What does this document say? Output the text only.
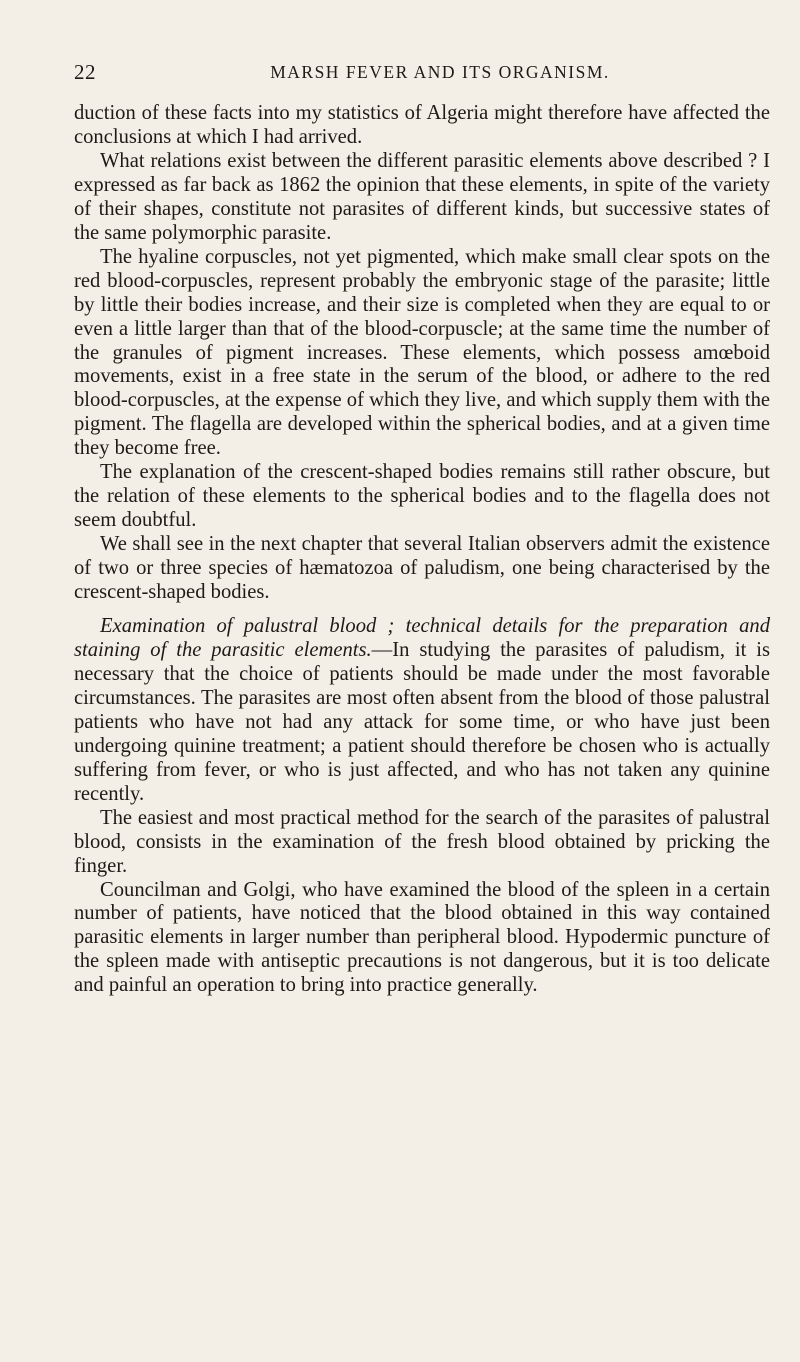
22	MARSH FEVER AND ITS ORGANISM.

duction of these facts into my statistics of Algeria might therefore have affected the conclusions at which I had arrived.

What relations exist between the different parasitic elements above described ? I expressed as far back as 1862 the opinion that these elements, in spite of the variety of their shapes, constitute not parasites of different kinds, but successive states of the same polymorphic parasite.

The hyaline corpuscles, not yet pigmented, which make small clear spots on the red blood-corpuscles, represent probably the embryonic stage of the parasite; little by little their bodies increase, and their size is completed when they are equal to or even a little larger than that of the blood-corpuscle; at the same time the number of the granules of pigment increases. These elements, which possess amœboid movements, exist in a free state in the serum of the blood, or adhere to the red blood-corpuscles, at the expense of which they live, and which supply them with the pigment. The flagella are developed within the spherical bodies, and at a given time they become free.

The explanation of the crescent-shaped bodies remains still rather obscure, but the relation of these elements to the spherical bodies and to the flagella does not seem doubtful.

We shall see in the next chapter that several Italian observers admit the existence of two or three species of hæmatozoa of paludism, one being characterised by the crescent-shaped bodies.

Examination of palustral blood ; technical details for the preparation and staining of the parasitic elements.—In studying the parasites of paludism, it is necessary that the choice of patients should be made under the most favorable circumstances. The parasites are most often absent from the blood of those palustral patients who have not had any attack for some time, or who have just been undergoing quinine treatment; a patient should therefore be chosen who is actually suffering from fever, or who is just affected, and who has not taken any quinine recently.

The easiest and most practical method for the search of the parasites of palustral blood, consists in the examination of the fresh blood obtained by pricking the finger.

Councilman and Golgi, who have examined the blood of the spleen in a certain number of patients, have noticed that the blood obtained in this way contained parasitic elements in larger number than peripheral blood. Hypodermic puncture of the spleen made with antiseptic precautions is not dangerous, but it is too delicate and painful an operation to bring into practice generally.
